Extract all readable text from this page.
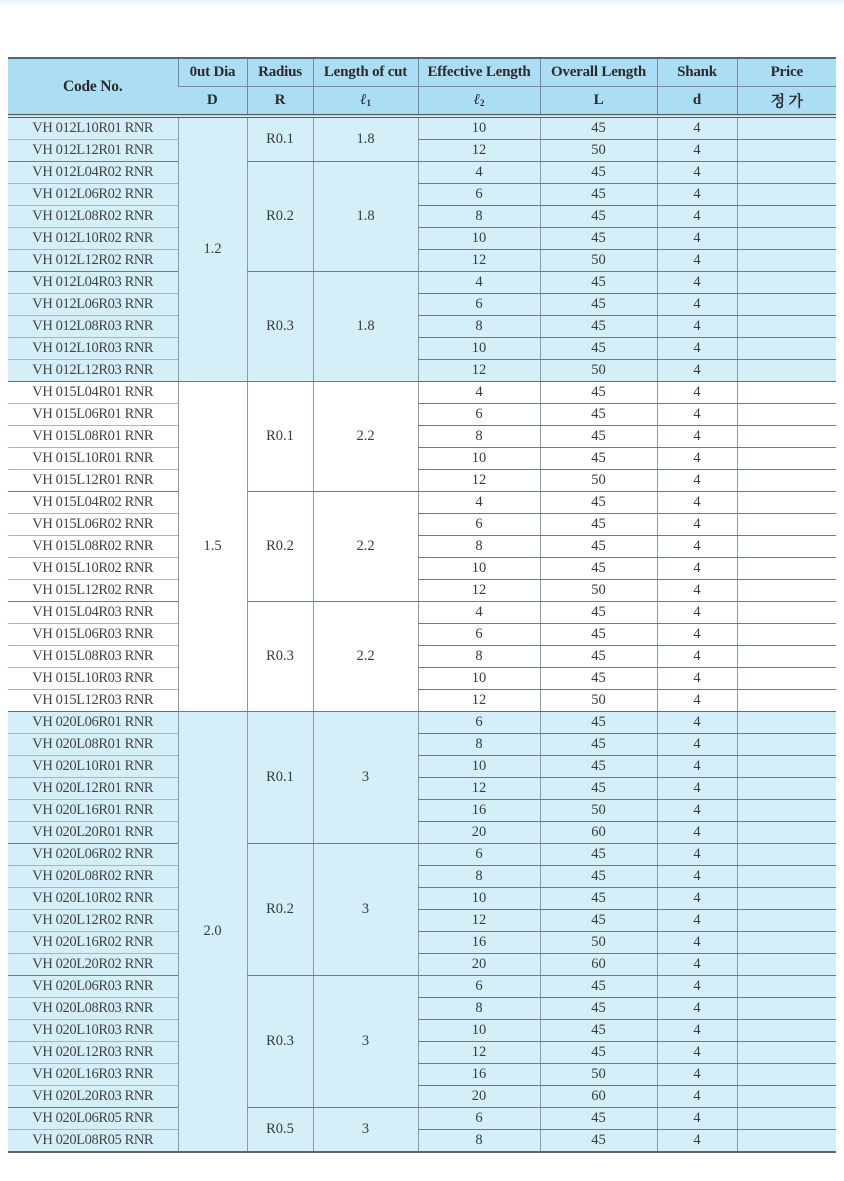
Code No.	0ut Dia	Radius	Length of cut	Effective Length	Overall Length	Shank	Price
	D	R	ℓ1	ℓ2	L	d	정 가
VH 012L10R01 RNR	1.2	R0.1	1.8	10	45	4	
VH 012L12R01 RNR				12	50	4	
VH 012L04R02 RNR		R0.2	1.8	4	45	4	
VH 012L06R02 RNR				6	45	4	
VH 012L08R02 RNR				8	45	4	
VH 012L10R02 RNR				10	45	4	
VH 012L12R02 RNR				12	50	4	
VH 012L04R03 RNR		R0.3	1.8	4	45	4	
VH 012L06R03 RNR				6	45	4	
VH 012L08R03 RNR				8	45	4	
VH 012L10R03 RNR				10	45	4	
VH 012L12R03 RNR				12	50	4	
VH 015L04R01 RNR	1.5	R0.1	2.2	4	45	4	
VH 015L06R01 RNR				6	45	4	
VH 015L08R01 RNR				8	45	4	
VH 015L10R01 RNR				10	45	4	
VH 015L12R01 RNR				12	50	4	
VH 015L04R02 RNR		R0.2	2.2	4	45	4	
VH 015L06R02 RNR				6	45	4	
VH 015L08R02 RNR				8	45	4	
VH 015L10R02 RNR				10	45	4	
VH 015L12R02 RNR				12	50	4	
VH 015L04R03 RNR		R0.3	2.2	4	45	4	
VH 015L06R03 RNR				6	45	4	
VH 015L08R03 RNR				8	45	4	
VH 015L10R03 RNR				10	45	4	
VH 015L12R03 RNR				12	50	4	
VH 020L06R01 RNR	2.0	R0.1	3	6	45	4	
VH 020L08R01 RNR				8	45	4	
VH 020L10R01 RNR				10	45	4	
VH 020L12R01 RNR				12	45	4	
VH 020L16R01 RNR				16	50	4	
VH 020L20R01 RNR				20	60	4	
VH 020L06R02 RNR		R0.2	3	6	45	4	
VH 020L08R02 RNR				8	45	4	
VH 020L10R02 RNR				10	45	4	
VH 020L12R02 RNR				12	45	4	
VH 020L16R02 RNR				16	50	4	
VH 020L20R02 RNR				20	60	4	
VH 020L06R03 RNR		R0.3	3	6	45	4	
VH 020L08R03 RNR				8	45	4	
VH 020L10R03 RNR				10	45	4	
VH 020L12R03 RNR				12	45	4	
VH 020L16R03 RNR				16	50	4	
VH 020L20R03 RNR				20	60	4	
VH 020L06R05 RNR		R0.5	3	6	45	4	
VH 020L08R05 RNR				8	45	4	
